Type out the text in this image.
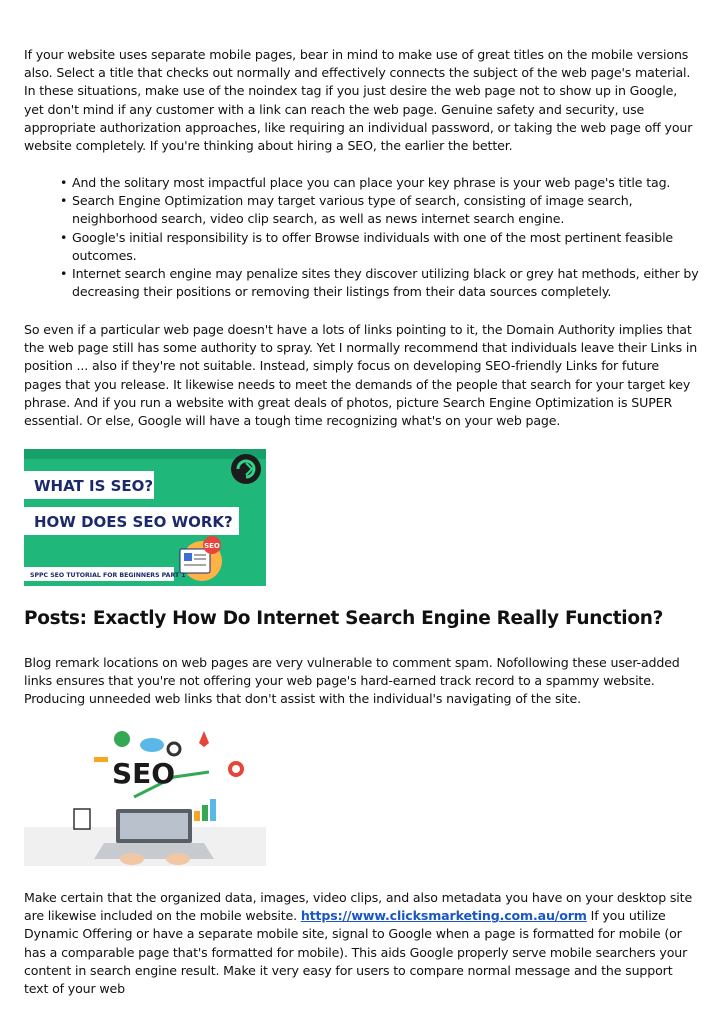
If your website uses separate mobile pages, bear in mind to make use of great titles on the mobile versions also. Select a title that checks out normally and effectively connects the subject of the web page's material. In these situations, make use of the noindex tag if you just desire the web page not to show up in Google, yet don't mind if any customer with a link can reach the web page. Genuine safety and security, use appropriate authorization approaches, like requiring an individual password, or taking the web page off your website completely. If you're thinking about hiring a SEO, the earlier the better.

• And the solitary most impactful place you can place your key phrase is your web page's title tag.
• Search Engine Optimization may target various type of search, consisting of image search, neighborhood search, video clip search, as well as news internet search engine.
• Google's initial responsibility is to offer Browse individuals with one of the most pertinent feasible outcomes.
• Internet search engine may penalize sites they discover utilizing black or grey hat methods, either by decreasing their positions or removing their listings from their data sources completely.

So even if a particular web page doesn't have a lots of links pointing to it, the Domain Authority implies that the web page still has some authority to spray. Yet I normally recommend that individuals leave their Links in position ... also if they're not suitable. Instead, simply focus on developing SEO-friendly Links for future pages that you release. It likewise needs to meet the demands of the people that search for your target key phrase. And if you run a website with great deals of photos, picture Search Engine Optimization is SUPER essential. Or else, Google will have a tough time recognizing what's on your web page.

WHAT IS SEO?
HOW DOES SEO WORK?
SEO
SPPC SEO TUTORIAL FOR BEGINNERS PART 1
Posts: Exactly How Do Internet Search Engine Really Function?

Blog remark locations on web pages are very vulnerable to comment spam. Nofollowing these user-added links ensures that you're not offering your web page's hard-earned track record to a spammy website. Producing unneeded web links that don't assist with the individual's navigating of the site.

SEO

Make certain that the organized data, images, video clips, and also metadata you have on your desktop site are likewise included on the mobile website. https://www.clicksmarketing.com.au/orm If you utilize Dynamic Offering or have a separate mobile site, signal to Google when a page is formatted for mobile (or has a comparable page that's formatted for mobile). This aids Google properly serve mobile searchers your content in search engine result. Make it very easy for users to compare normal message and the support text of your web
